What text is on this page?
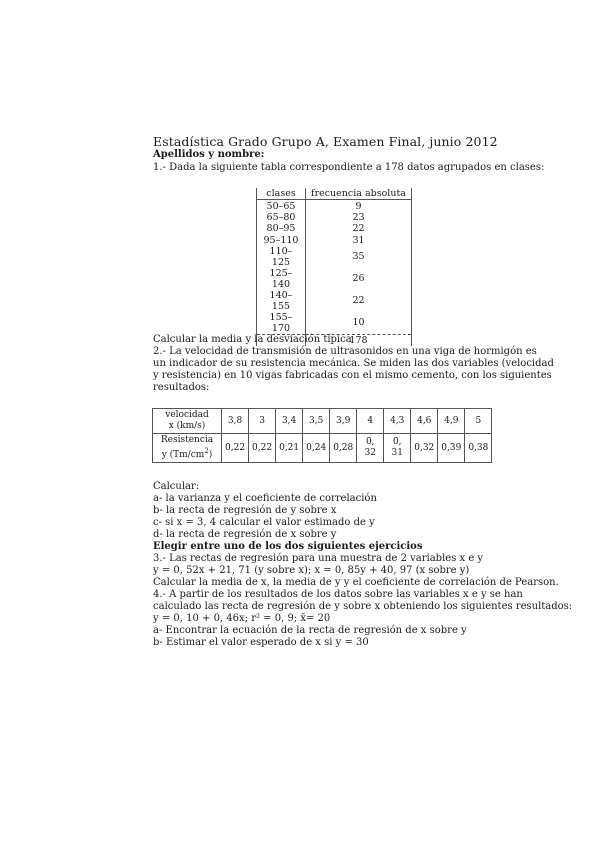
Estadística Grado Grupo A, Examen Final, junio 2012
Apellidos y nombre:
1.- Dada la siguiente tabla correspondiente a 178 datos agrupados en clases:
clases	frecuencia absoluta
50–65	9
65–80	23
80–95	22
95–110	31
110–125	35
125–140	26
140–155	22
155–170	10
	178
Calcular la media y la desviación típica
2.- La velocidad de transmisión de ultrasonidos en una viga de hormigón es
un indicador de su resistencia mecánica. Se miden las dos variables (velocidad
y resistencia) en 10 vigas fabricadas con el mismo cemento, con los siguientes
resultados:
velocidad
x (km/s)	3,8	3	3,4	3,5	3,9	4	4,3	4,6	4,9	5

Resistencia
y $(Tm/cm^2)$	0,22	0,22	0,21	0,24	0,28	0, 32	0, 31	0,32	0,39	0,38
Calcular:
a- la varianza y el coeficiente de correlación
b- la recta de regresión de y sobre x
c- si x = 3, 4 calcular el valor estimado de y
d- la recta de regresión de x sobre y
Elegir entre uno de los dos siguientes ejercicios
3.- Las rectas de regresión para una muestra de 2 variables x e y
y = 0, 52x + 21, 71 (y sobre x); x = 0, 85y + 40, 97 (x sobre y)
Calcular la media de x, la media de y y el coeficiente de correlación de Pearson.
4.- A partir de los resultados de los datos sobre las variables x e y se han
calculado las recta de regresión de y sobre x obteniendo los siguientes resultados:
y = 0, 10 + 0, 46x; r² = 0, 9; x̄= 20
a- Encontrar la ecuación de la recta de regresión de x sobre y
b- Estimar el valor esperado de x si y = 30
